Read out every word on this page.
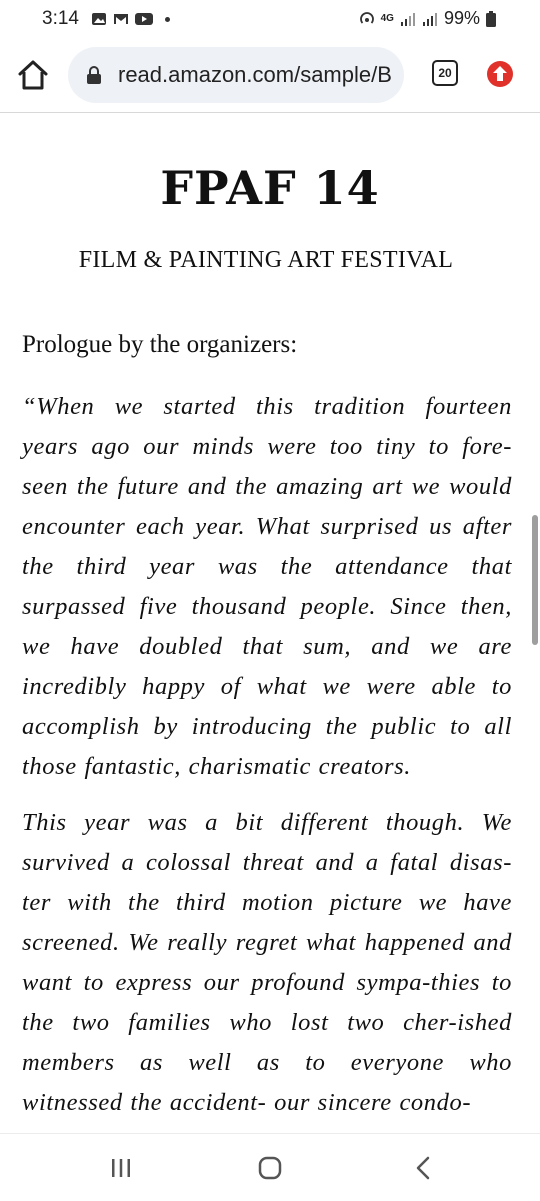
3:14	4G	99%
read.amazon.com/sample/B	20
FPAF 14
FILM & PAINTING ART FESTIVAL
Prologue by the organizers:

“When we started this tradition fourteen years ago our minds were too tiny to fore-seen the future and the amazing art we would encounter each year. What surprised us after the third year was the attendance that surpassed five thousand people. Since then, we have doubled that sum, and we are incredibly happy of what we were able to accomplish by introducing the public to all those fantastic, charismatic creators.

This year was a bit different though. We survived a colossal threat and a fatal disas-ter with the third motion picture we have screened. We really regret what happened and want to express our profound sympa-thies to the two families who lost two cher-ished members as well as to everyone who witnessed the accident- our sincere condo-
